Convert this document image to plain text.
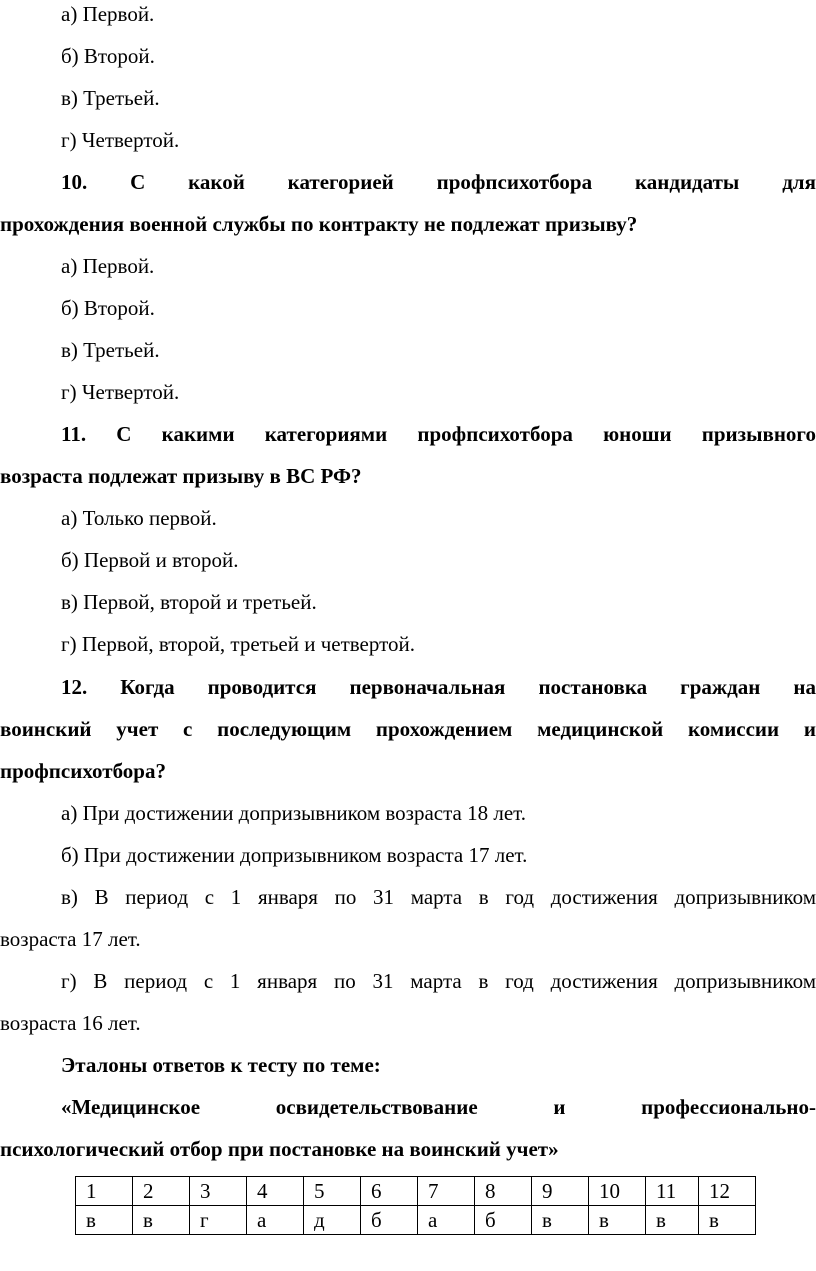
а) Первой.
б) Второй.
в) Третьей.
г) Четвертой.
10. С какой категорией профпсихотбора кандидаты для
прохождения военной службы по контракту не подлежат призыву?
а) Первой.
б) Второй.
в) Третьей.
г) Четвертой.
11. С какими категориями профпсихотбора юноши призывного
возраста подлежат призыву в ВС РФ?
а) Только первой.
б) Первой и второй.
в) Первой, второй и третьей.
г) Первой, второй, третьей и четвертой.
12. Когда проводится первоначальная постановка граждан на
воинский учет с последующим прохождением медицинской комиссии и
профпсихотбора?
а) При достижении допризывником возраста 18 лет.
б) При достижении допризывником возраста 17 лет.
в) В период с 1 января по 31 марта в год достижения допризывником
возраста 17 лет.
г) В период с 1 января по 31 марта в год достижения допризывником
возраста 16 лет.
Эталоны ответов к тесту по теме:
«Медицинское	освидетельствование	и	профессионально-
психологический отбор при постановке на воинский учет»
1	2	3	4	5	6	7	8	9	10	11	12
в	в	г	а	д	б	а	б	в	в	в	в
